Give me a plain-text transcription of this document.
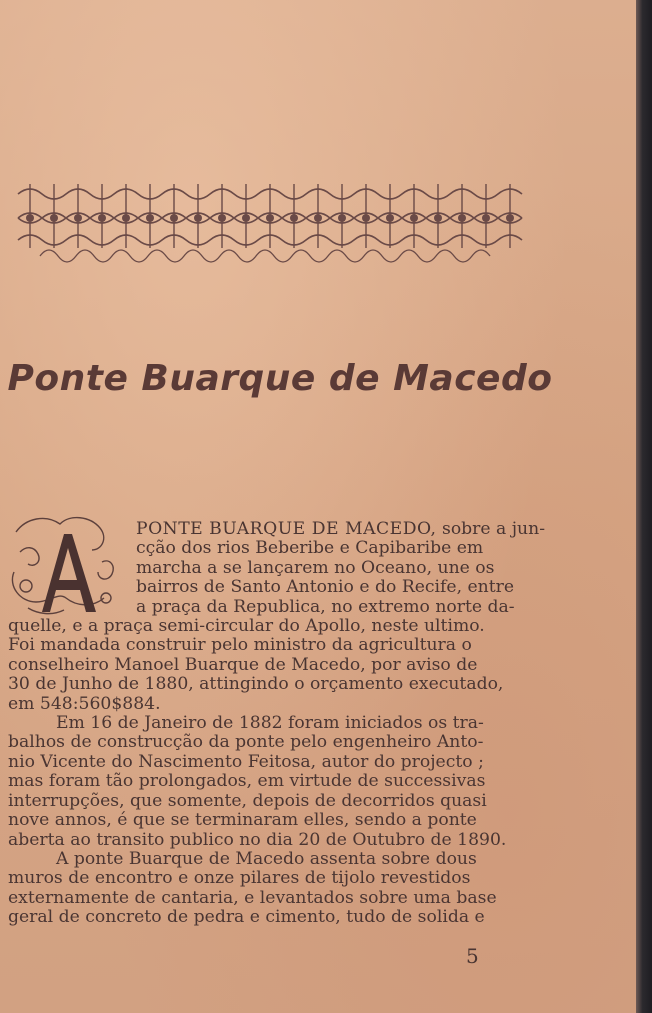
Ponte Buarque de Macedo
PONTE BUARQUE DE MACEDO, sobre a jun-
cção dos rios Beberibe e Capibaribe em
marcha a se lançarem no Oceano, une os
bairros de Santo Antonio e do Recife, entre
a praça da Republica, no extremo norte da-
quelle, e a praça semi-circular do Apollo, neste ultimo.
Foi mandada construir pelo ministro da agricultura o
conselheiro Manoel Buarque de Macedo, por aviso de
30 de Junho de 1880, attingindo o orçamento executado,
em 548:560$884.
Em 16 de Janeiro de 1882 foram iniciados os tra-
balhos de construcção da ponte pelo engenheiro Anto-
nio Vicente do Nascimento Feitosa, autor do projecto ;
mas foram tão prolongados, em virtude de successivas
interrupções, que somente, depois de decorridos quasi
nove annos, é que se terminaram elles, sendo a ponte
aberta ao transito publico no dia 20 de Outubro de 1890.
A ponte Buarque de Macedo assenta sobre dous
muros de encontro e onze pilares de tijolo revestidos
externamente de cantaria, e levantados sobre uma base
geral de concreto de pedra e cimento, tudo de solida e
5
